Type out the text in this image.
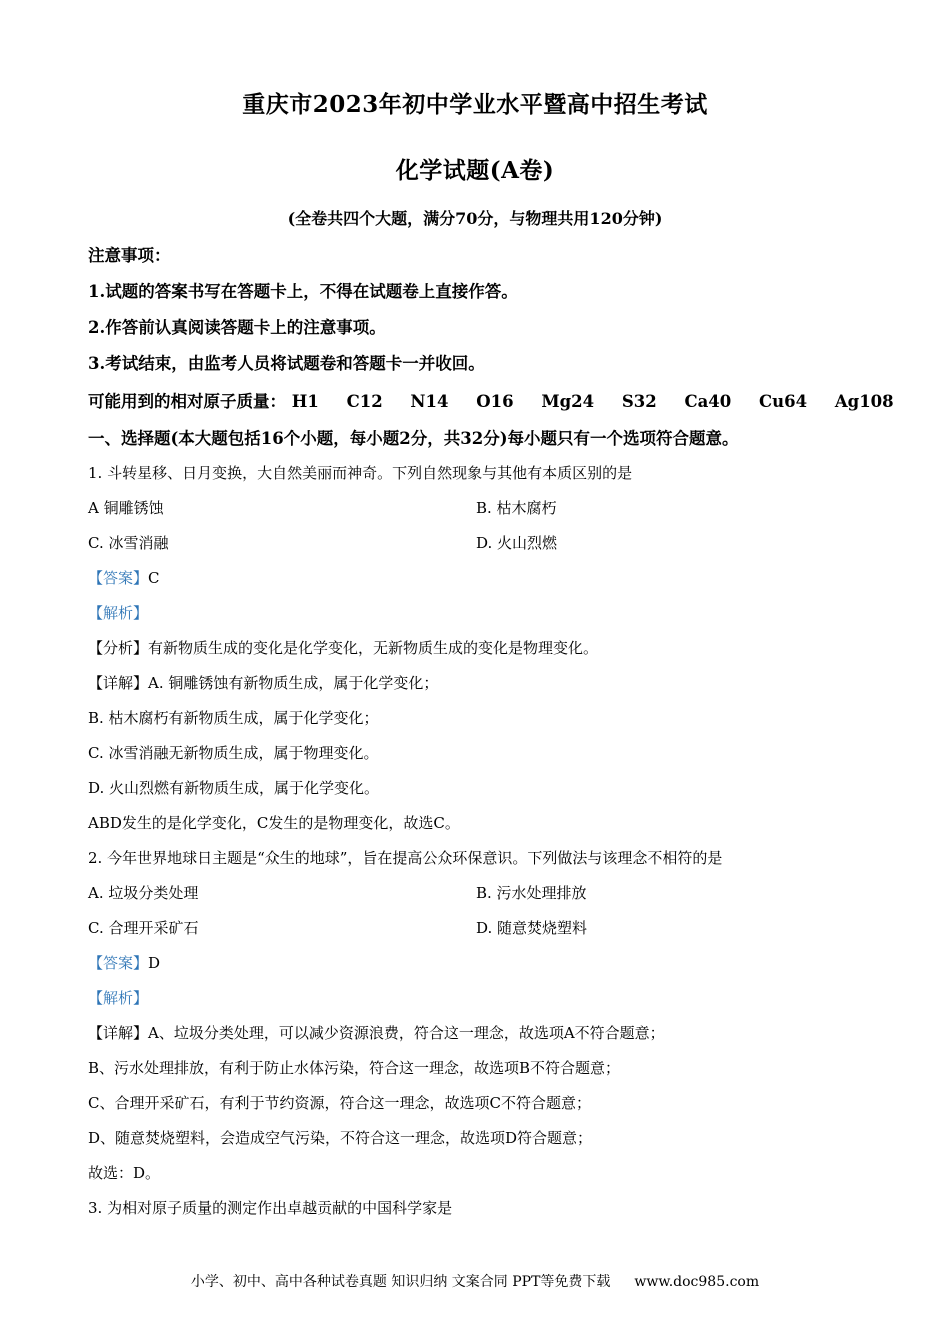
重庆市2023年初中学业水平暨高中招生考试
化学试题(A卷)
(全卷共四个大题，满分70分，与物理共用120分钟)
注意事项：
1.试题的答案书写在答题卡上，不得在试题卷上直接作答。
2.作答前认真阅读答题卡上的注意事项。
3.考试结束，由监考人员将试题卷和答题卡一并收回。
可能用到的相对原子质量： H1 C12 N14 O16 Mg24 S32 Ca40 Cu64 Ag108
一、选择题(本大题包括16个小题，每小题2分，共32分)每小题只有一个选项符合题意。
1. 斗转星移、日月变换，大自然美丽而神奇。下列自然现象与其他有本质区别的是
A 铜雕锈蚀	B. 枯木腐朽
C. 冰雪消融	D. 火山烈燃
【答案】C
【解析】
【分析】有新物质生成的变化是化学变化，无新物质生成的变化是物理变化。
【详解】A. 铜雕锈蚀有新物质生成，属于化学变化；
B. 枯木腐朽有新物质生成，属于化学变化；
C. 冰雪消融无新物质生成，属于物理变化。
D. 火山烈燃有新物质生成，属于化学变化。
ABD发生的是化学变化，C发生的是物理变化，故选C。
2. 今年世界地球日主题是“众生的地球”，旨在提高公众环保意识。下列做法与该理念不相符的是
A. 垃圾分类处理	B. 污水处理排放
C. 合理开采矿石	D. 随意焚烧塑料
【答案】D
【解析】
【详解】A、垃圾分类处理，可以减少资源浪费，符合这一理念，故选项A不符合题意；
B、污水处理排放，有利于防止水体污染，符合这一理念，故选项B不符合题意；
C、合理开采矿石，有利于节约资源，符合这一理念，故选项C不符合题意；
D、随意焚烧塑料，会造成空气污染，不符合这一理念，故选项D符合题意；
故选：D。
3. 为相对原子质量的测定作出卓越贡献的中国科学家是
小学、初中、高中各种试卷真题 知识归纳 文案合同 PPT等免费下载 www.doc985.com
